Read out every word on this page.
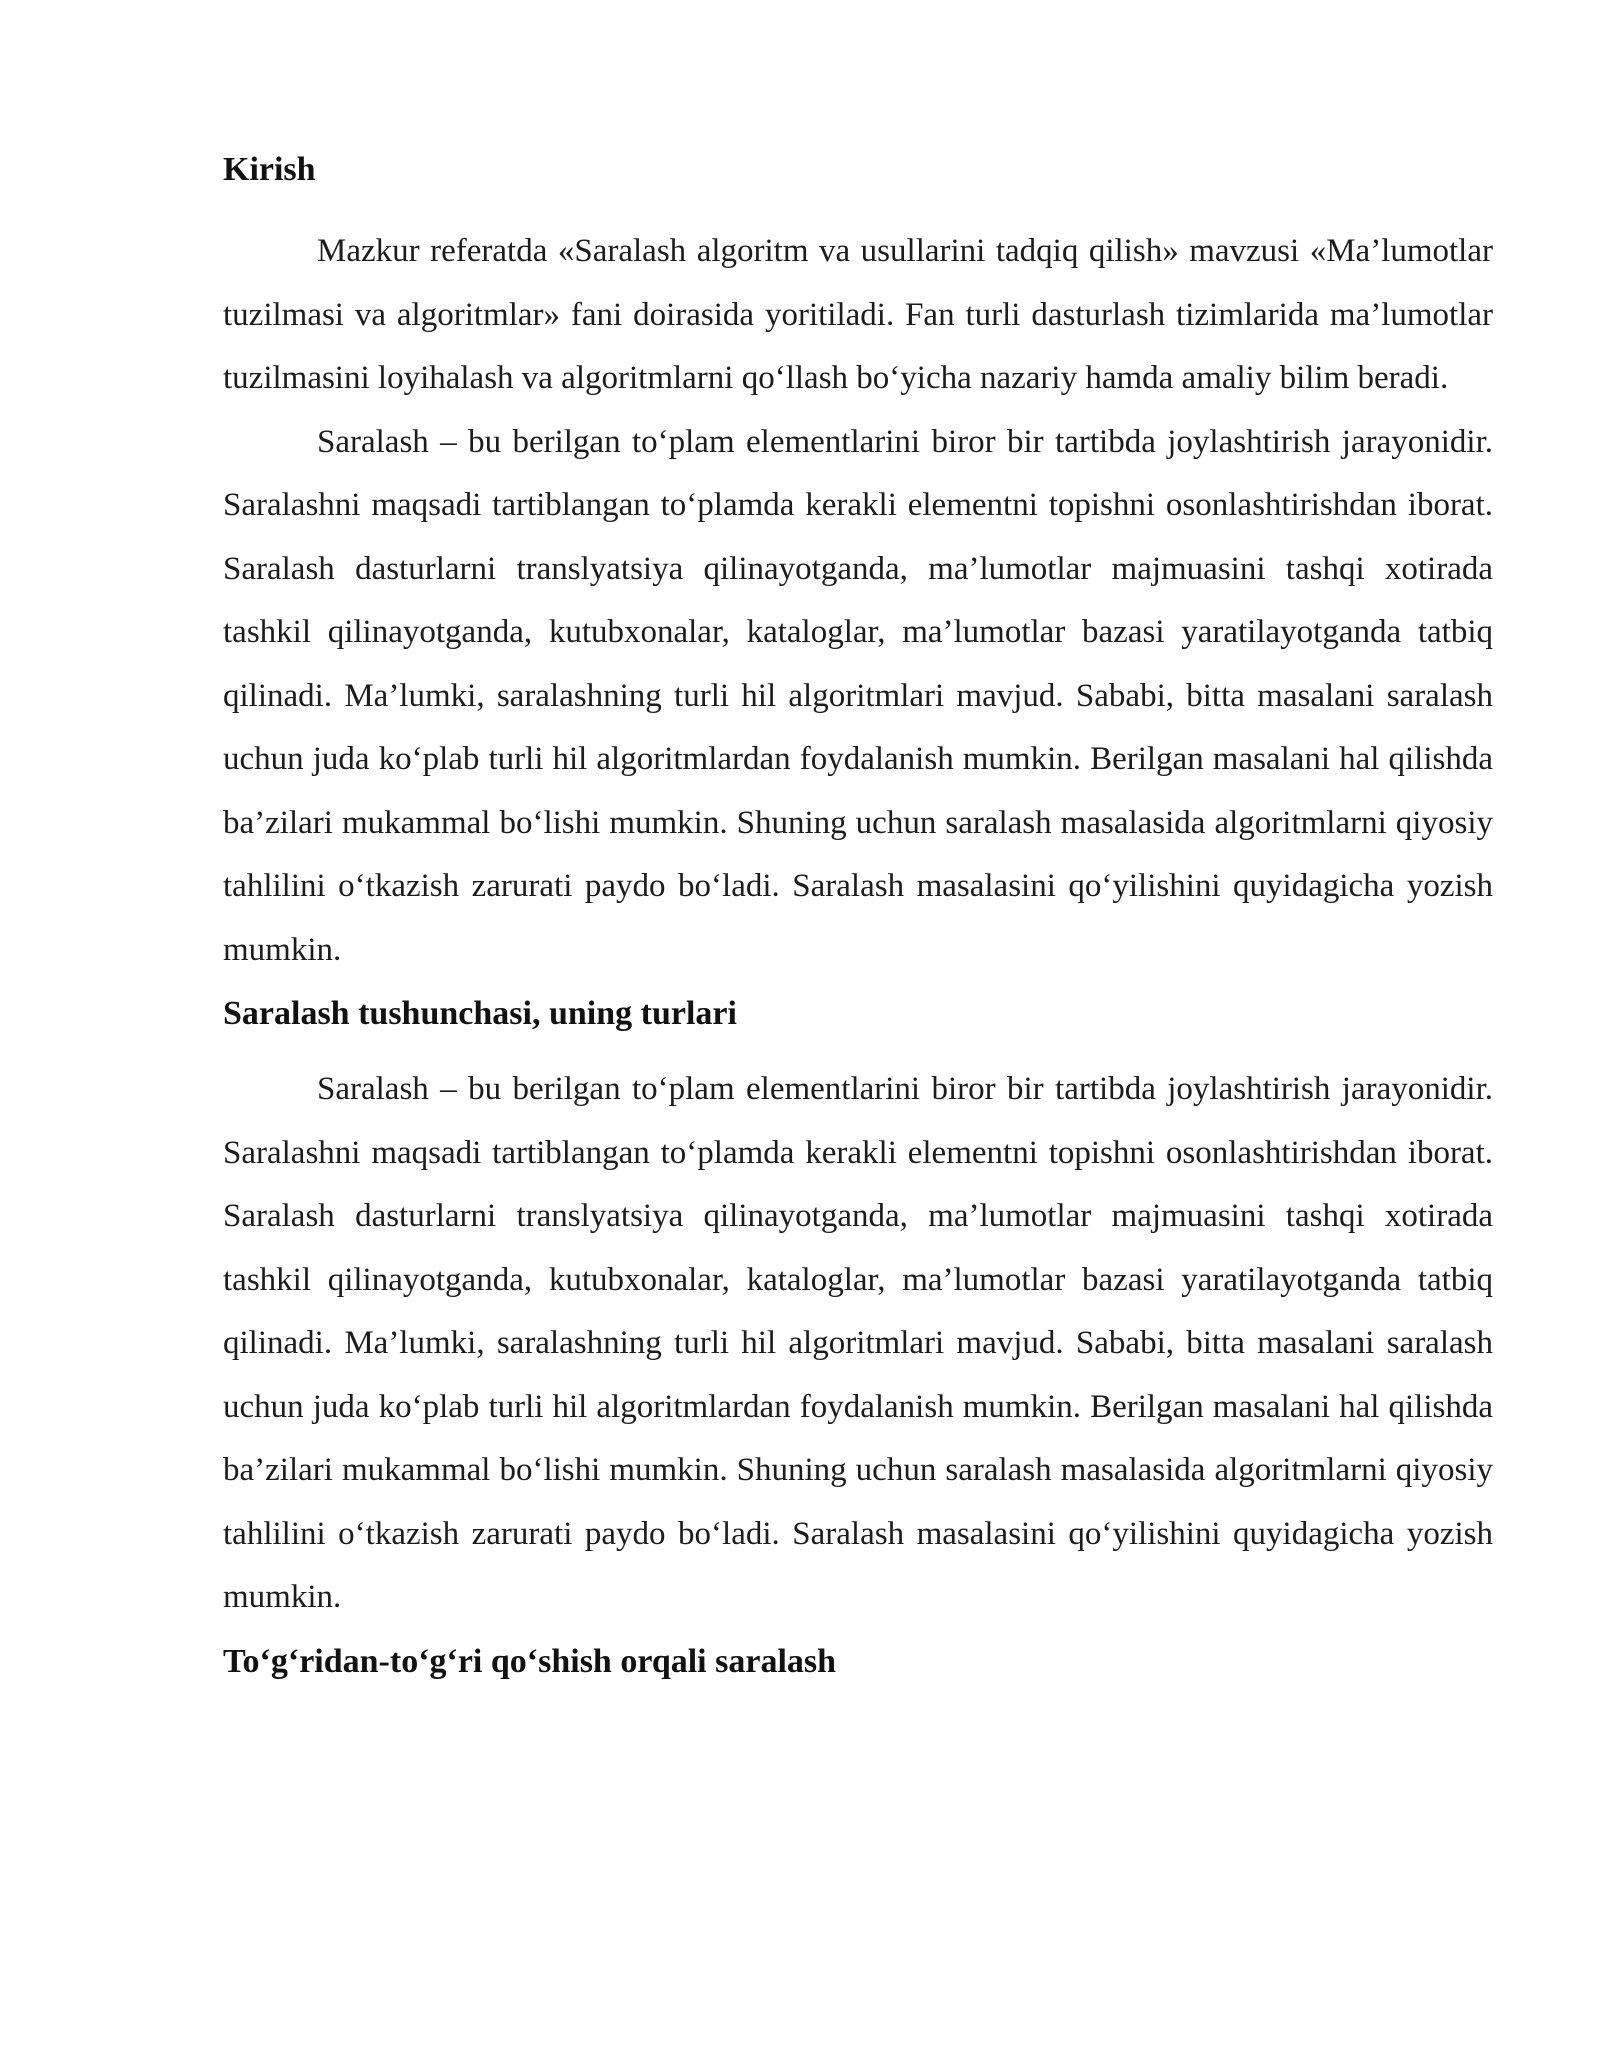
Kirish

Mazkur referatda «Saralash algoritm va usullarini tadqiq qilish» mavzusi «Ma’lumotlar tuzilmasi va algoritmlar» fani doirasida yoritiladi. Fan turli dasturlash tizimlarida ma’lumotlar tuzilmasini loyihalash va algoritmlarni qo‘llash bo‘yicha nazariy hamda amaliy bilim beradi.

Saralash – bu berilgan to‘plam elementlarini biror bir tartibda joylashtirish jarayonidir. Saralashni maqsadi tartiblangan to‘plamda kerakli elementni topishni osonlashtirishdan iborat. Saralash dasturlarni translyatsiya qilinayotganda, ma’lumotlar majmuasini tashqi xotirada tashkil qilinayotganda, kutubxonalar, kataloglar, ma’lumotlar bazasi yaratilayotganda tatbiq qilinadi. Ma’lumki, saralashning turli hil algoritmlari mavjud. Sababi, bitta masalani saralash uchun juda ko‘plab turli hil algoritmlardan foydalanish mumkin. Berilgan masalani hal qilishda ba’zilari mukammal bo‘lishi mumkin. Shuning uchun saralash masalasida algoritmlarni qiyosiy tahlilini o‘tkazish zarurati paydo bo‘ladi. Saralash masalasini qo‘yilishini quyidagicha yozish mumkin.

Saralash tushunchasi, uning turlari

Saralash – bu berilgan to‘plam elementlarini biror bir tartibda joylashtirish jarayonidir. Saralashni maqsadi tartiblangan to‘plamda kerakli elementni topishni osonlashtirishdan iborat. Saralash dasturlarni translyatsiya qilinayotganda, ma’lumotlar majmuasini tashqi xotirada tashkil qilinayotganda, kutubxonalar, kataloglar, ma’lumotlar bazasi yaratilayotganda tatbiq qilinadi. Ma’lumki, saralashning turli hil algoritmlari mavjud. Sababi, bitta masalani saralash uchun juda ko‘plab turli hil algoritmlardan foydalanish mumkin. Berilgan masalani hal qilishda ba’zilari mukammal bo‘lishi mumkin. Shuning uchun saralash masalasida algoritmlarni qiyosiy tahlilini o‘tkazish zarurati paydo bo‘ladi. Saralash masalasini qo‘yilishini quyidagicha yozish mumkin.

To‘g‘ridan-to‘g‘ri qo‘shish orqali saralash
